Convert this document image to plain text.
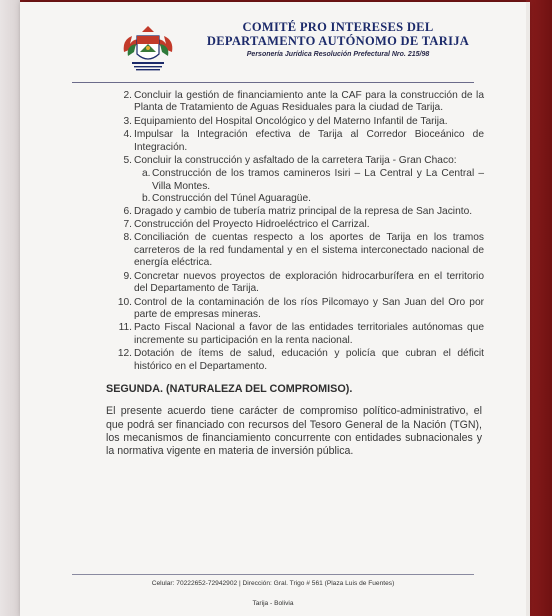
COMITÉ PRO INTERESES DEL
DEPARTAMENTO AUTÓNOMO DE TARIJA
Personería Jurídica Resolución Prefectural Nro. 215/98
2. Concluir la gestión de financiamiento ante la CAF para la construcción de la Planta de Tratamiento de Aguas Residuales para la ciudad de Tarija.
3. Equipamiento del Hospital Oncológico y del Materno Infantil de Tarija.
4. Impulsar la Integración efectiva de Tarija al Corredor Bioceánico de Integración.
5. Concluir la construcción y asfaltado de la carretera Tarija - Gran Chaco:
a. Construcción de los tramos camineros Isiri – La Central y La Central – Villa Montes.
b. Construcción del Túnel Aguaragüe.
6. Dragado y cambio de tubería matriz principal de la represa de San Jacinto.
7. Construcción del Proyecto Hidroeléctrico el Carrizal.
8. Conciliación de cuentas respecto a los aportes de Tarija en los tramos carreteros de la red fundamental y en el sistema interconectado nacional de energía eléctrica.
9. Concretar nuevos proyectos de exploración hidrocarburífera en el territorio del Departamento de Tarija.
10. Control de la contaminación de los ríos Pilcomayo y San Juan del Oro por parte de empresas mineras.
11. Pacto Fiscal Nacional a favor de las entidades territoriales autónomas que incremente su participación en la renta nacional.
12. Dotación de ítems de salud, educación y policía que cubran el déficit histórico en el Departamento.
SEGUNDA. (NATURALEZA DEL COMPROMISO).
El presente acuerdo tiene carácter de compromiso político-administrativo, el que podrá ser financiado con recursos del Tesoro General de la Nación (TGN), los mecanismos de financiamiento concurrente con entidades subnacionales y la normativa vigente en materia de inversión pública.
Celular: 70222652-72942902 | Dirección: Gral. Trigo # 561 (Plaza Luis de Fuentes)
Tarija - Bolivia
